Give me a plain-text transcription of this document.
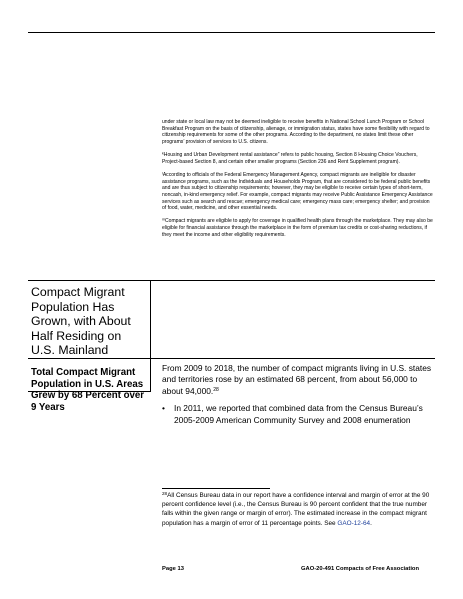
under state or local law may not be deemed ineligible to receive benefits in National School Lunch Program or School Breakfast Program on the basis of citizenship, alienage, or immigration status, states have some flexibility with regard to citizenship requirements for some of the other programs. According to the department, no states limit these other programs’ provision of services to U.S. citizens.

$^k$Housing and Urban Development rental assistance” refers to public housing, Section 8 Housing Choice Vouchers, Project-based Section 8, and certain other smaller programs (Section 236 and Rent Supplement program).

$^l$According to officials of the Federal Emergency Management Agency, compact migrants are ineligible for disaster assistance programs, such as the Individuals and Households Program, that are considered to be federal public benefits and are thus subject to citizenship requirements; however, they may be eligible to receive certain types of short-term, noncash, in-kind emergency relief. For example, compact migrants may receive Public Assistance Emergency Assistance services such as search and rescue; emergency medical care; emergency mass care; emergency shelter; and provision of food, water, medicine, and other essential needs.

$^m$Compact migrants are eligible to apply for coverage in qualified health plans through the marketplace. They may also be eligible for financial assistance through the marketplace in the form of premium tax credits or cost-sharing reductions, if they meet the income and other eligibility requirements.

Compact Migrant Population Has Grown, with About Half Residing on U.S. Mainland
Total Compact Migrant Population in U.S. Areas Grew by 68 Percent over 9 Years

From 2009 to 2018, the number of compact migrants living in U.S. states and territories rose by an estimated 68 percent, from about 56,000 to about 94,000.28

•	In 2011, we reported that combined data from the Census Bureau’s 2005-2009 American Community Survey and 2008 enumeration
$^{28}$All Census Bureau data in our report have a confidence interval and margin of error at the 90 percent confidence level (i.e., the Census Bureau is 90 percent confident that the true number falls within the given range or margin of error). The estimated increase in the compact migrant population has a margin of error of 11 percentage points. See GAO-12-64.
Page 13	GAO-20-491 Compacts of Free Association
